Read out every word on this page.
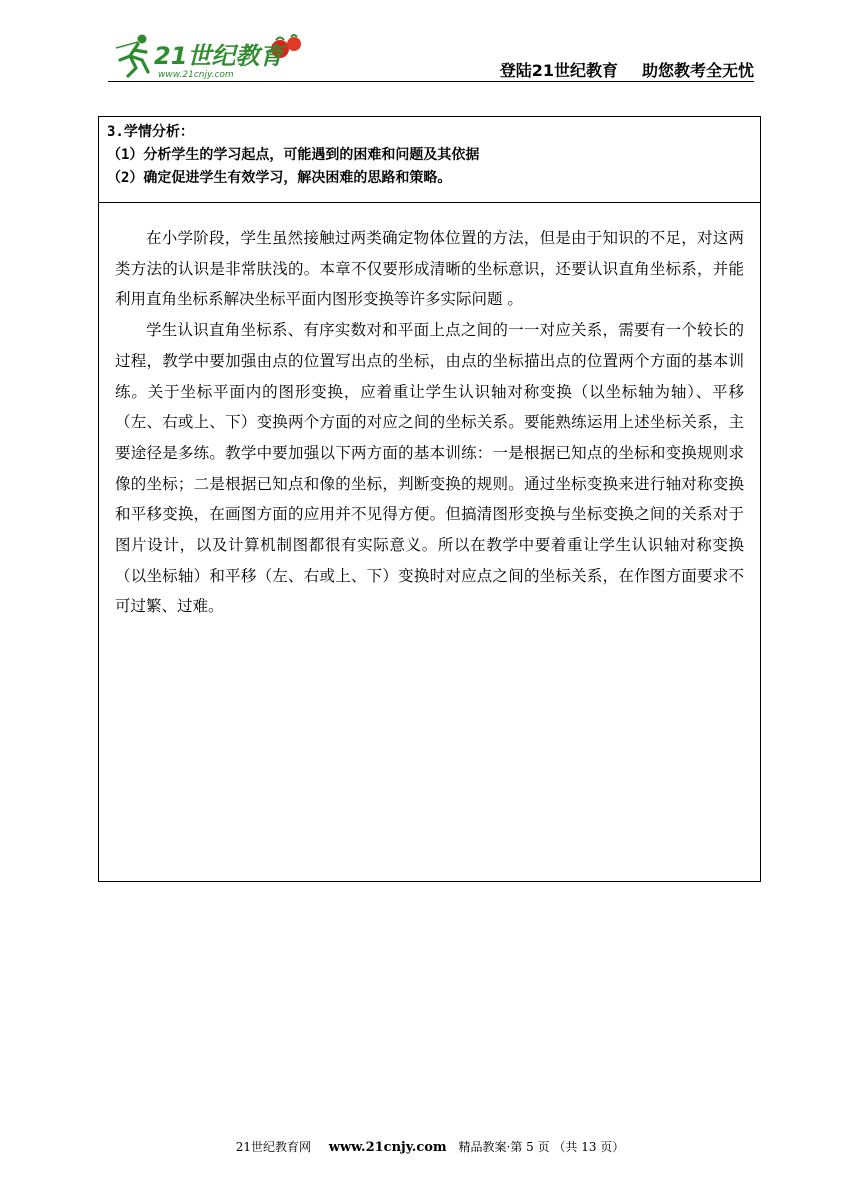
21世纪教育
www.21cnjy.com	登陆21世纪教育 助您教考全无忧
3.学情分析：
（1）分析学生的学习起点，可能遇到的困难和问题及其依据
（2）确定促进学生有效学习，解决困难的思路和策略。

在小学阶段，学生虽然接触过两类确定物体位置的方法，但是由于知识的不足，对这两类方法的认识是非常肤浅的。本章不仅要形成清晰的坐标意识，还要认识直角坐标系，并能利用直角坐标系解决坐标平面内图形变换等许多实际问题 。

学生认识直角坐标系、有序实数对和平面上点之间的一一对应关系，需要有一个较长的过程，教学中要加强由点的位置写出点的坐标，由点的坐标描出点的位置两个方面的基本训练。关于坐标平面内的图形变换，应着重让学生认识轴对称变换（以坐标轴为轴）、平移（左、右或上、下）变换两个方面的对应之间的坐标关系。要能熟练运用上述坐标关系，主要途径是多练。教学中要加强以下两方面的基本训练：一是根据已知点的坐标和变换规则求像的坐标；二是根据已知点和像的坐标，判断变换的规则。通过坐标变换来进行轴对称变换和平移变换，在画图方面的应用并不见得方便。但搞清图形变换与坐标变换之间的关系对于图片设计，以及计算机制图都很有实际意义。所以在教学中要着重让学生认识轴对称变换（以坐标轴）和平移（左、右或上、下）变换时对应点之间的坐标关系，在作图方面要求不可过繁、过难。

21世纪教育网 www.21cnjy.com 精品教案·第 5 页 （共 13 页）
